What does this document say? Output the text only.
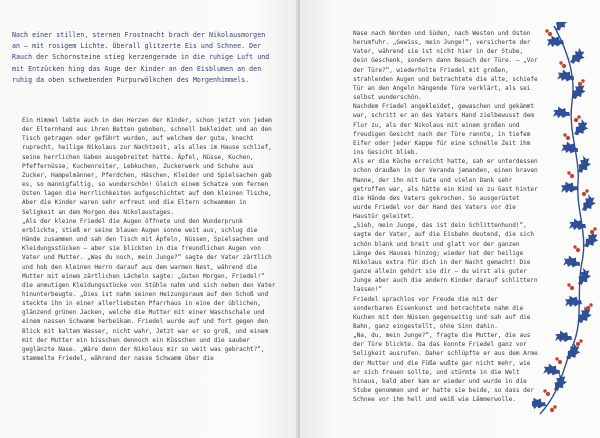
Nach einer stillen, sternen Frostnacht brach der Nikolausmorgen an – mit rosigem Lichte. Überall glitzerte Eis und Schnee. Der Rauch der Schornsteine stieg kerzengerade in die ruhige Luft und mit Entzücken hing das Auge der Kinder an den Eisblumen an den ruhig da oben schwebenden Purpurwölkchen des Morgenhimmels.

Ein Himmel lebte auch in den Herzen der Kinder, schon jetzt von jedem der Elternhand aus ihren Betten geboben, schnell bekleidet und an den Tisch getragen oder geführt wurden, auf welchem der gute, knecht ruprecht, heilige Nikolaus zur Nachtzeit, als alles im Hause schlief, seine herrlichen Gaben ausgebreitet hatte. Äpfel, Nüsse, Kuchen, Pfeffernüsse, Kuchenreiter, Lebkuchen, Zuckerwerk und Schuhe aus Zucker, Hampelmänner, Pferdchen, Häschen, Kleider und Spielsachen gab es, so mannigfaltig, so wunderschön! Gleich einem Schatze vom fernen Osten lagen die Herrlichkeiten aufgeschichtet auf dem kleinen Tische, Aber die Kinder waren sehr erfreut und die Eltern schwammen in Seligkeit an dem Morgen des Nikolaustages.
„Als der kleine Friedel die Augen öffnete und den Wunderprunk erblickte, stieß er seine blauen Augen sonne weit aus, schlug die Hände zusammen und sah den Tisch mit Äpfeln, Nüssen, Spielsachen und Kleidungsstücken – aber sie blickten in die freundlichen Augen von Vater und Mutter. „Was du noch, mein Junge?“ sagte der Vater zärtlich und hob den kleinen Herrn darauf aus dem warmen Nest, während die Mutter mit einem zärtlichen Lächeln sagte: „Guten Morgen, Friedel!“ die anmutigen Kleidungsstücke von Stühle nahm und sich neben den Vater hinunterbeugte. „Dies ist nahm seinen Heizungsraum auf den Schoß und steckte ihn in einer allerliebsten Pfarrhaus in eine der üblichen, glänzend grünen Jacken, welche die Mutter mit einer Waschschale und einem nassen Schwamm herbeikam. Friedel wurde auf und fort gegen den Blick mit kaltem Wasser, nicht wahr, Jetzt war er so groß, und einem mit der Mutter ein bisschen dennoch ein Küsschen und die sauber geglänzte Nase. „Wäre denn der Nikolaus mir so weit was gebracht?“, stammelte Friedel, während der nasse Schwamm über die

Nase nach Norden und Süden, nach Westen und Osten herumfuhr. „Gewiss, mein Junge!“, versicherte der Vater, während sie ist nicht hier in der Stube, dein Geschenk, sondern dann Besuch der Türe. – „Vor der Türe?“, wiederholte Friedel mit großen, strahlenden Augen und betrachtete die alte, schiefe Tür an den Angeln hängende Türe verklärt, als sei selbst wunderschön.
Nachdem Friedel angekleidet, gewaschen und gekämmt war, schritt er an des Vaters Hand zielbewusst dem Flur zu, als der Nikolaus mit einem großen und freudigen Gesicht nach der Türe rannte, in tiefem Eifer oder jeder Kappe für eine schnelle Zeit ihm ins Gesicht blieb.
Als er die Küche erreicht hatte, sah er unterdessen schon draußen in der Veranda jemanden, einen braven Manne, der ihn mit Gute und vielen Dank sehr getroffen war, als hätte ein Kind so zu Gast hinter die Hände des Vaters gekrochen. So ausgerüstet wurde Friedel vor der Hand des Vaters vor die Haustür geleitet.
„Sieh, mein Junge, das ist dein Schlittenhund!“, sagte der Vater, auf die Eisbahn deutend, die sich schön blank und breit und glatt vor der ganzen Länge des Hauses hinzog; wieder hat der heilige Nikolaus extra für dich in der Nacht gemacht! Die ganze allein gehört sie dir – du wirst als guter Junge aber auch die andern Kinder darauf schlittern lassen!“
Friedel sprachlos vor Freude die mit der sonderbaren Eisenkunst und betrachtete nahm die Kuchen mit den Nüssen gegenseitig und sah auf die Bahn, ganz eingestellt, ohne Sinn dahin.
„Na, du, mein Junge?“, fragte die Mutter, die aus der Türe blickte. Da das konnte Friedel ganz vor Seligkeit ausrufen. Daher schlüpfte er aus dem Arme der Mutter und die Füße wußte gar nicht mehr, wie er sich freuen sollte, und stürmte in die Welt hinaus, bald aber kam er wieder und wurde in die Stube genommen und er hatte sie beide, so dass der Schnee vor ihm hell und weiß wie Lämmerwolle.
